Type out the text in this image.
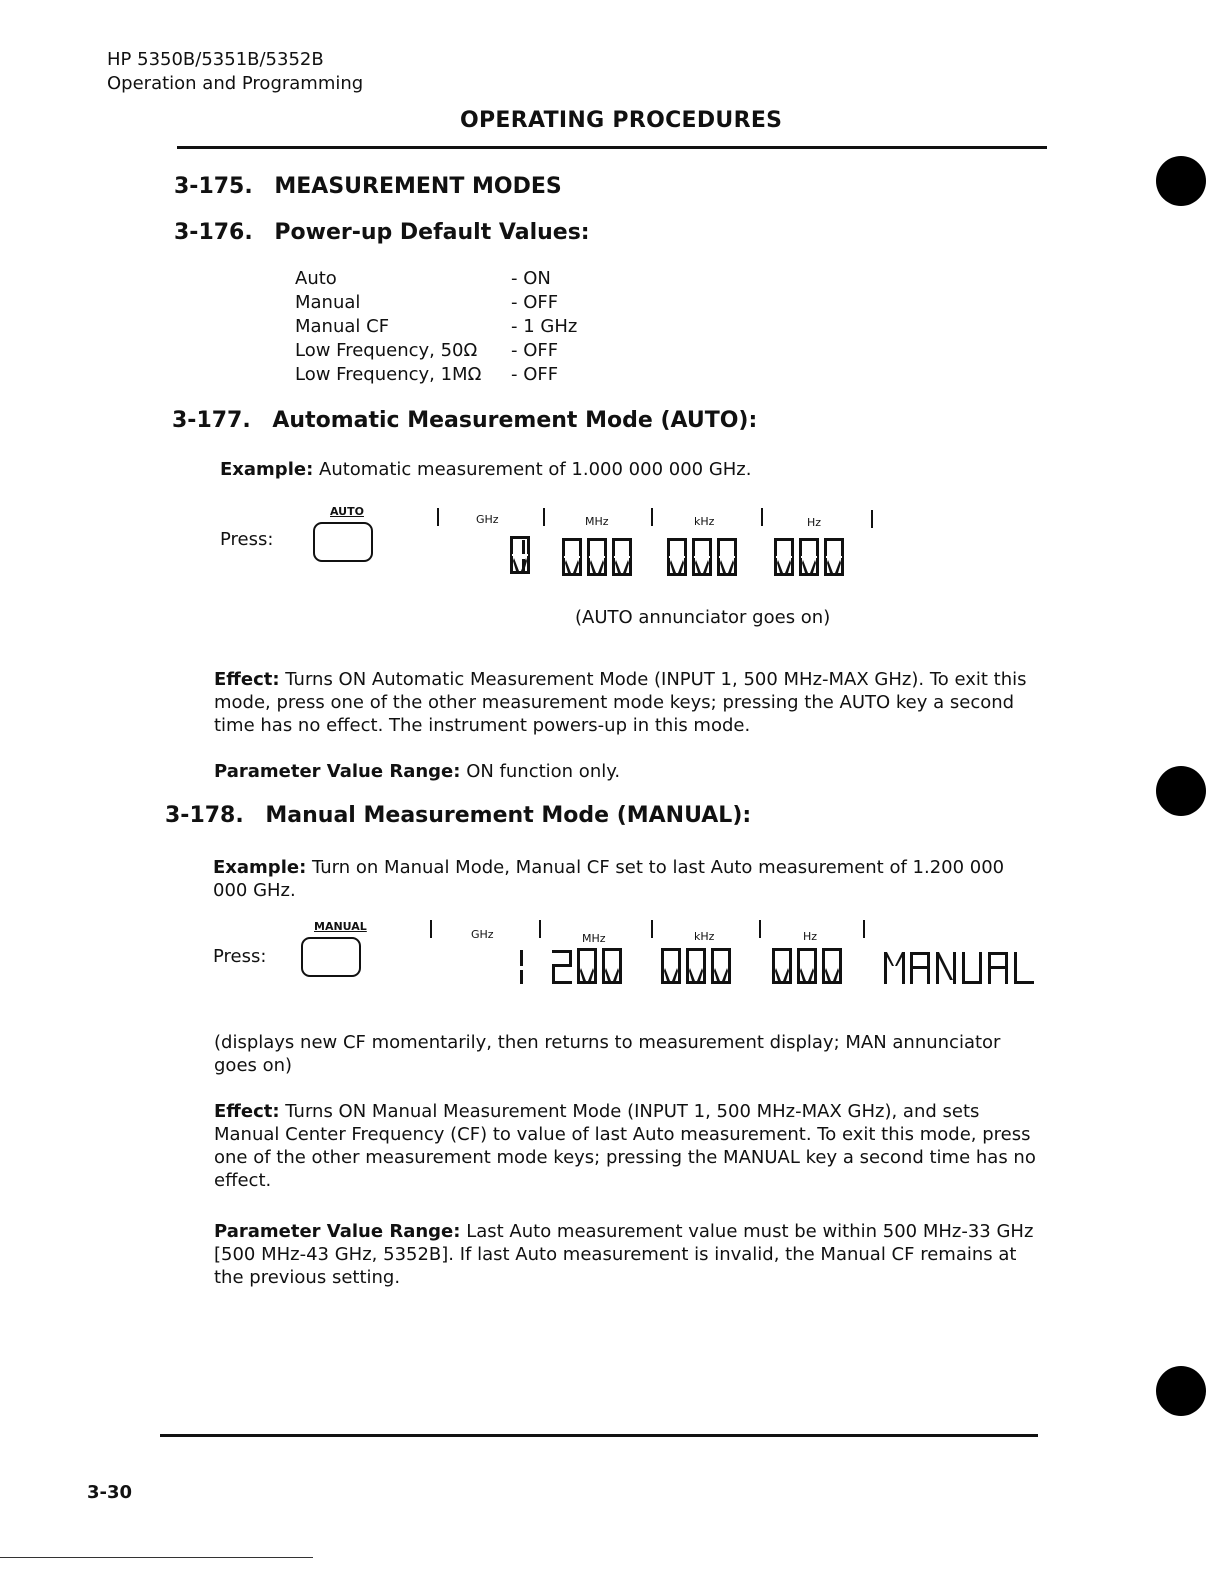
HP 5350B/5351B/5352B
Operation and Programming
OPERATING PROCEDURES
3-175. MEASUREMENT MODES
3-176. Power-up Default Values:
Auto	- ON
Manual	- OFF
Manual CF	- 1 GHz
Low Frequency, 50Ω - OFF
Low Frequency, 1MΩ - OFF
3-177. Automatic Measurement Mode (AUTO):
Example: Automatic measurement of 1.000 000 000 GHz.
Press:
AUTO
GHz	MHz	kHz	Hz
(AUTO annunciator goes on)
Effect: Turns ON Automatic Measurement Mode (INPUT 1, 500 MHz-MAX GHz). To exit this mode, press one of the other measurement mode keys; pressing the AUTO key a second time has no effect. The instrument powers-up in this mode.
Parameter Value Range: ON function only.
3-178. Manual Measurement Mode (MANUAL):
Example: Turn on Manual Mode, Manual CF set to last Auto measurement of 1.200 000 000 GHz.
Press:
MANUAL
GHz	MHz	kHz	Hz
(displays new CF momentarily, then returns to measurement display; MAN annunciator goes on)
Effect: Turns ON Manual Measurement Mode (INPUT 1, 500 MHz-MAX GHz), and sets Manual Center Frequency (CF) to value of last Auto measurement. To exit this mode, press one of the other measurement mode keys; pressing the MANUAL key a second time has no effect.
Parameter Value Range: Last Auto measurement value must be within 500 MHz-33 GHz [500 MHz-43 GHz, 5352B]. If last Auto measurement is invalid, the Manual CF remains at the previous setting.
3-30
